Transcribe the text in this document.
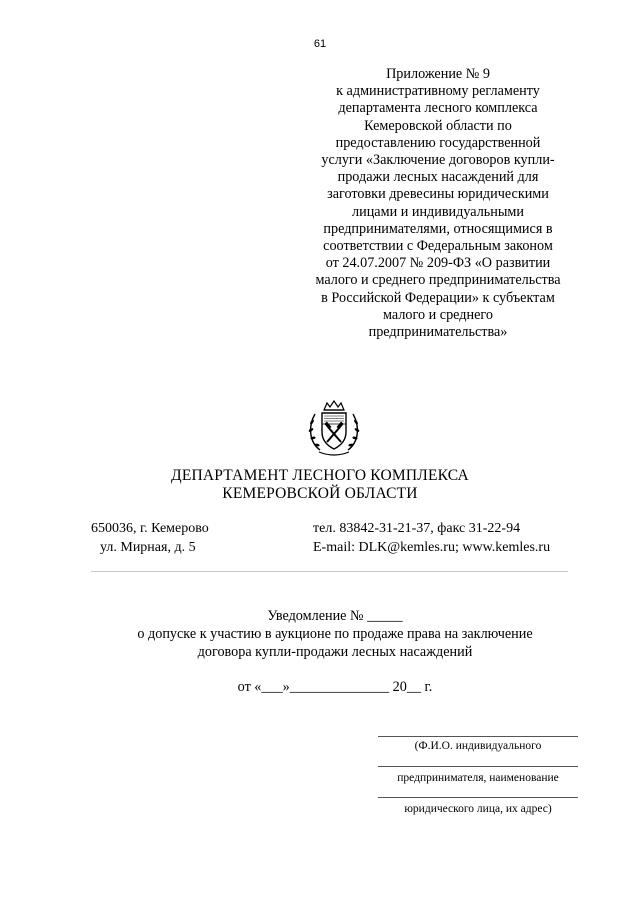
61
Приложение № 9
к административному регламенту
департамента лесного комплекса
Кемеровской области по
предоставлению государственной
услуги «Заключение договоров купли-
продажи лесных насаждений для
заготовки древесины юридическими
лицами и индивидуальными
предпринимателями, относящимися в
соответствии с Федеральным законом
от 24.07.2007 № 209-ФЗ «О развитии
малого и среднего предпринимательства
в Российской Федерации» к субъектам
малого и среднего
предпринимательства»
ДЕПАРТАМЕНТ ЛЕСНОГО КОМПЛЕКСА
КЕМЕРОВСКОЙ ОБЛАСТИ
650036, г. Кемерово
ул. Мирная, д. 5
тел. 83842-31-21-37, факс 31-22-94
E-mail: DLK@kemles.ru; www.kemles.ru
Уведомление № _____
о допуске к участию в аукционе по продаже права на заключение
договора купли-продажи лесных насаждений
от «___»______________ 20__ г.
(Ф.И.О. индивидуального
предпринимателя, наименование
юридического лица, их адрес)
